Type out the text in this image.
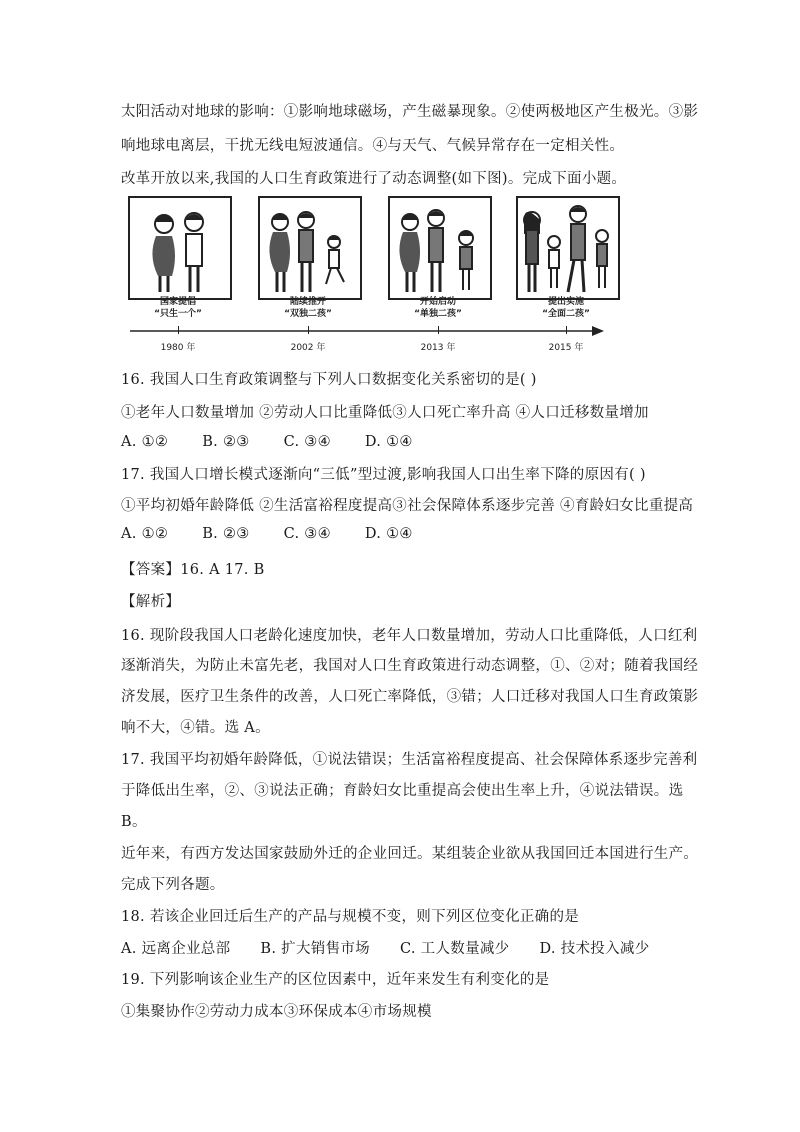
太阳活动对地球的影响：①影响地球磁场，产生磁暴现象。②使两极地区产生极光。③影
响地球电离层，干扰无线电短波通信。④与天气、气候异常存在一定相关性。
改革开放以来,我国的人口生育政策进行了动态调整(如下图)。完成下面小题。
国家提倡
“只生一个”
陆续推开
“双独二孩”
开始启动
“单独二孩”
提出实施
“全面二孩”
1980 年	2002 年	2013 年	2015 年
16. 我国人口生育政策调整与下列人口数据变化关系密切的是( )
①老年人口数量增加 ②劳动人口比重降低③人口死亡率升高 ④人口迁移数量增加
A. ①② B. ②③ C. ③④ D. ①④
17. 我国人口增长模式逐渐向“三低”型过渡,影响我国人口出生率下降的原因有( )
①平均初婚年龄降低 ②生活富裕程度提高③社会保障体系逐步完善 ④育龄妇女比重提高
A. ①② B. ②③ C. ③④ D. ①④
【答案】16. A 17. B
【解析】
16. 现阶段我国人口老龄化速度加快，老年人口数量增加，劳动人口比重降低，人口红利
逐渐消失，为防止未富先老，我国对人口生育政策进行动态调整，①、②对；随着我国经
济发展，医疗卫生条件的改善，人口死亡率降低，③错；人口迁移对我国人口生育政策影
响不大，④错。选 A。
17. 我国平均初婚年龄降低，①说法错误；生活富裕程度提高、社会保障体系逐步完善利
于降低出生率，②、③说法正确；育龄妇女比重提高会使出生率上升，④说法错误。选
B。
近年来，有西方发达国家鼓励外迁的企业回迁。某组装企业欲从我国回迁本国进行生产。
完成下列各题。
18. 若该企业回迁后生产的产品与规模不变，则下列区位变化正确的是
A. 远离企业总部 B. 扩大销售市场 C. 工人数量减少 D. 技术投入减少
19. 下列影响该企业生产的区位因素中，近年来发生有利变化的是
①集聚协作②劳动力成本③环保成本④市场规模
